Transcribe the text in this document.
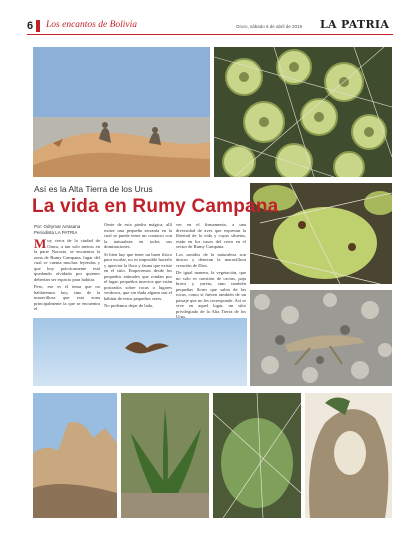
6 Los encantos de Bolivia	Oruro, sábado 6 de abril de 2019 LA PATRIA
Así es la Alta Tierra de los Urus
La vida en Rumy Campana
Por: Odrymar Arrasana
Periodista LA PATRIA

Muy cerca de la ciudad de Oruro, a tan solo metros en la parte Noroste, se encuentra la zona de Rumy Campana, lugar del cual se cuenta muchas leyendas y que hoy prácticamente está quedando olvidado por quienes deberían ser espacio para habitar.

Pero, ese es el tema que no hablaremos hoy, sino de la maravillosa que esta zona principalmente la que se encuentra el

Oeste de esta piedra mágica, allí existe una pequeña serranía en la cual se puede tener un contacto con la naturaleza en todos sus dominaciones.

Si bien hay que tener un buen físico para escalar, no es imposible hacerlo y apreciar la flora y fauna que existe en el sitio. Empecemos desde los pequeños animales que rondan por el lugar, pequeños insectos que están postrados sobre rocas o lugares verdosos, que sin duda alguna son el hábitat de estos pequeños seres.

No podemos dejar de lado,

ver en el firmamento, a una diversidad de aves que expresan la libertad de la vida y cuyas siluetas, están en los vasos del cerro en el sector de Rumy Campana.

Los sonidos de la naturaleza son únicos y denotan la maravillosa creación de Dios.

De igual manera, la vegetación, que no solo es cuestión de cactus, paja brava y yareta, sino también pequeñas flores que salen de las rocas, como si fuesen también de un paisaje que no les corresponde. Así se vive en aquel lugar, un sitio privilegiado de la Alta Tierra de los Urus.
